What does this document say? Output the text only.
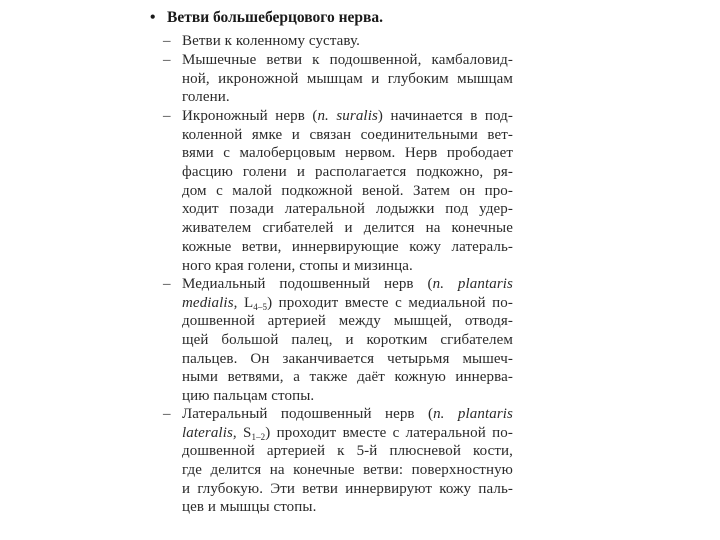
• Ветви большеберцового нерва.
– Ветви к коленному суставу.
– Мышечные ветви к подошвенной, камбаловид-
ной, икроножной мышцам и глубоким мышцам
голени.
– Икроножный нерв (n. suralis) начинается в под-
коленной ямке и связан соединительными вет-
вями с малоберцовым нервом. Нерв прободает
фасцию голени и располагается подкожно, ря-
дом с малой подкожной веной. Затем он про-
ходит позади латеральной лодыжки под удер-
живателем сгибателей и делится на конечные
кожные ветви, иннервирующие кожу латераль-
ного края голени, стопы и мизинца.
– Медиальный подошвенный нерв (n. plantaris
medialis, $L_{4-5}$) проходит вместе с медиальной по-
дошвенной артерией между мышцей, отводя-
щей большой палец, и коротким сгибателем
пальцев. Он заканчивается четырьмя мышеч-
ными ветвями, а также даёт кожную иннерва-
цию пальцам стопы.
– Латеральный подошвенный нерв (n. plantaris
lateralis, $S_{1-2}$) проходит вместе с латеральной по-
дошвенной артерией к 5-й плюсневой кости,
где делится на конечные ветви: поверхностную
и глубокую. Эти ветви иннервируют кожу паль-
цев и мышцы стопы.
